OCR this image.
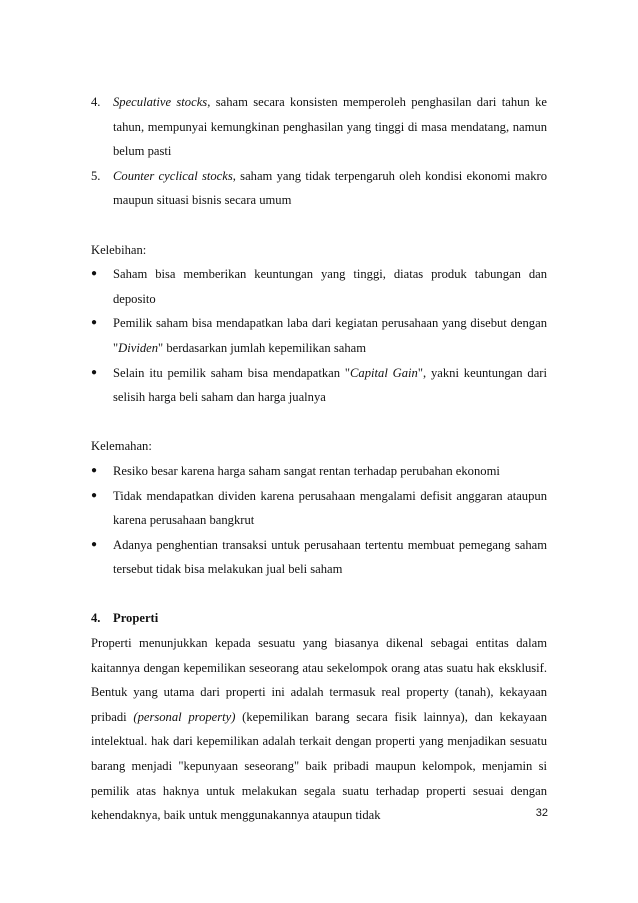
4. Speculative stocks, saham secara konsisten memperoleh penghasilan dari tahun ke tahun, mempunyai kemungkinan penghasilan yang tinggi di masa mendatang, namun belum pasti
5. Counter cyclical stocks, saham yang tidak terpengaruh oleh kondisi ekonomi makro maupun situasi bisnis secara umum
Kelebihan:
●	Saham bisa memberikan keuntungan yang tinggi, diatas produk tabungan dan deposito
●	Pemilik saham bisa mendapatkan laba dari kegiatan perusahaan yang disebut dengan "Dividen" berdasarkan jumlah kepemilikan saham
●	Selain itu pemilik saham bisa mendapatkan "Capital Gain", yakni keuntungan dari selisih harga beli saham dan harga jualnya
Kelemahan:
●	Resiko besar karena harga saham sangat rentan terhadap perubahan ekonomi
●	Tidak mendapatkan dividen karena perusahaan mengalami defisit anggaran ataupun karena perusahaan bangkrut
●	Adanya penghentian transaksi untuk perusahaan tertentu membuat pemegang saham tersebut tidak bisa melakukan jual beli saham
4. Properti
Properti menunjukkan kepada sesuatu yang biasanya dikenal sebagai entitas dalam kaitannya dengan kepemilikan seseorang atau sekelompok orang atas suatu hak eksklusif. Bentuk yang utama dari properti ini adalah termasuk real property (tanah), kekayaan pribadi (personal property) (kepemilikan barang secara fisik lainnya), dan kekayaan intelektual. hak dari kepemilikan adalah terkait dengan properti yang menjadikan sesuatu barang menjadi "kepunyaan seseorang" baik pribadi maupun kelompok, menjamin si pemilik atas haknya untuk melakukan segala suatu terhadap properti sesuai dengan kehendaknya, baik untuk menggunakannya ataupun tidak	32
